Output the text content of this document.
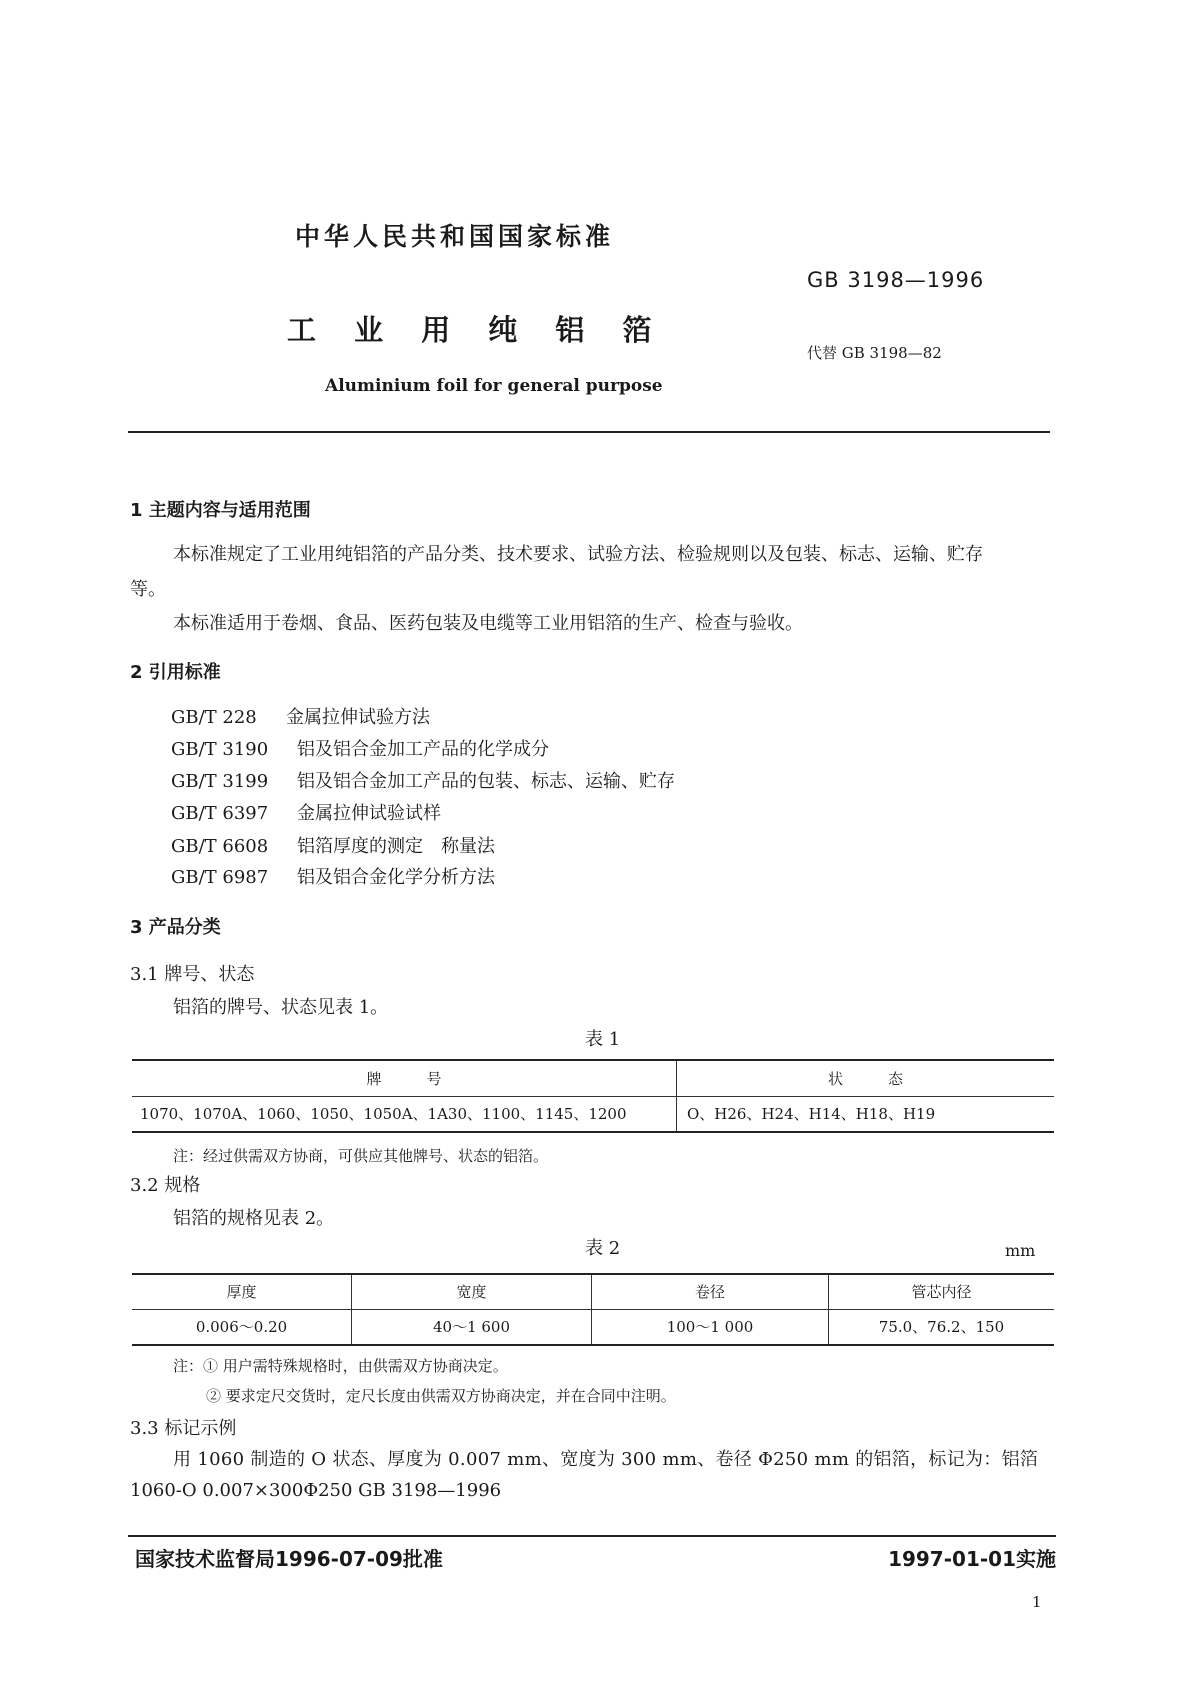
中华人民共和国国家标准
GB 3198—1996
工 业 用 纯 铝 箔
代替 GB 3198—82
Aluminium foil for general purpose
1 主题内容与适用范围
本标准规定了工业用纯铝箔的产品分类、技术要求、试验方法、检验规则以及包装、标志、运输、贮存
等。
本标准适用于卷烟、食品、医药包装及电缆等工业用铝箔的生产、检查与验收。
2 引用标准
GB/T 228 金属拉伸试验方法
GB/T 3190 铝及铝合金加工产品的化学成分
GB/T 3199 铝及铝合金加工产品的包装、标志、运输、贮存
GB/T 6397 金属拉伸试验试样
GB/T 6608 铝箔厚度的测定　称量法
GB/T 6987 铝及铝合金化学分析方法
3 产品分类
3.1 牌号、状态
铝箔的牌号、状态见表 1。
表 1
牌　　　号	状　　　态
1070、1070A、1060、1050、1050A、1A30、1100、1145、1200	O、H26、H24、H14、H18、H19
注：经过供需双方协商，可供应其他牌号、状态的铝箔。
3.2 规格
铝箔的规格见表 2。
表 2	mm
厚度	宽度	卷径	管芯内径
0.006～0.20	40～1 600	100～1 000	75.0、76.2、150
注：① 用户需特殊规格时，由供需双方协商决定。
② 要求定尺交货时，定尺长度由供需双方协商决定，并在合同中注明。
3.3 标记示例
用 1060 制造的 O 状态、厚度为 0.007 mm、宽度为 300 mm、卷径 Φ250 mm 的铝箔，标记为：铝箔
1060-O 0.007×300Φ250 GB 3198—1996
国家技术监督局1996-07-09批准	1997-01-01实施
1
